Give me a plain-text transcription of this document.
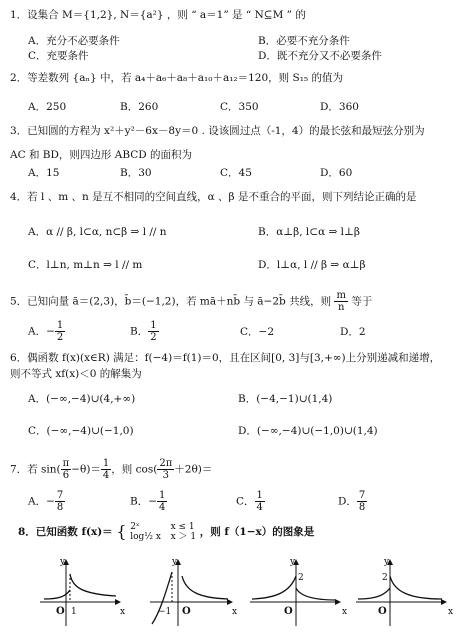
1．设集合 M＝{1,2}, N＝{a²} ，则 “ a＝1” 是 “ N⊆M ” 的
A．充分不必要条件	B．必要不充分条件
C．充要条件	D．既不充分又不必要条件
2．等差数列 {aₙ} 中，若 a₄＋a₆＋a₈＋a₁₀＋a₁₂＝120，则 S₁₅ 的值为
A．250	B．260	C．350	D．360
3．已知圆的方程为 x²＋y²－6x－8y＝0 . 设该圆过点（-1，4）的最长弦和最短弦分别为
AC 和 BD，则四边形 ABCD 的面积为
A．15	B．30	C．45	D．60
4．若 l 、m 、n 是互不相同的空间直线，α 、β 是不重合的平面，则下列结论正确的是
A．α // β, l⊂α, n⊂β ⇒ l // n	B．α⊥β, l⊂α ⇒ l⊥β
C．l⊥n, m⊥n ⇒ l // m	D．l⊥α, l // β ⇒ α⊥β
5．已知向量 ā＝(2,3)，b̄＝(−1,2)，若 mā＋nb̄ 与 ā−2b̄ 共线，则 $\frac{m}{n}$ 等于
A．− $\frac{1}{2}$	B． $\frac{1}{2}$	C．−2	D．2
6．偶函数 f(x)(x∈R) 满足：f(−4)＝f(1)＝0，且在区间[0, 3]与[3,+∞)上分别递减和递增，
则不等式 xf(x)＜0 的解集为
A．(−∞,−4)∪(4,+∞)	B．(−4,−1)∪(1,4)
C．(−∞,−4)∪(−1,0)	D．(−∞,−4)∪(−1,0)∪(1,4)
7．若 $\sin( \frac{\pi}{6} -\theta)= \frac{1}{4}$ ，则 $\cos( \frac{2\pi}{3} +2\theta)=$
A．− $\frac{7}{8}$	B．− $\frac{1}{4}$	C． $\frac{1}{4}$	D． $\frac{7}{8}$
8．已知函数 f(x)＝ { 2ˣ
log½ x

x ≤ 1
x ＞ 1 ，则 f（1−x）的图象是
y
x
O 1
y
x
−1 O
y
2
x
O
y
2
x
O
